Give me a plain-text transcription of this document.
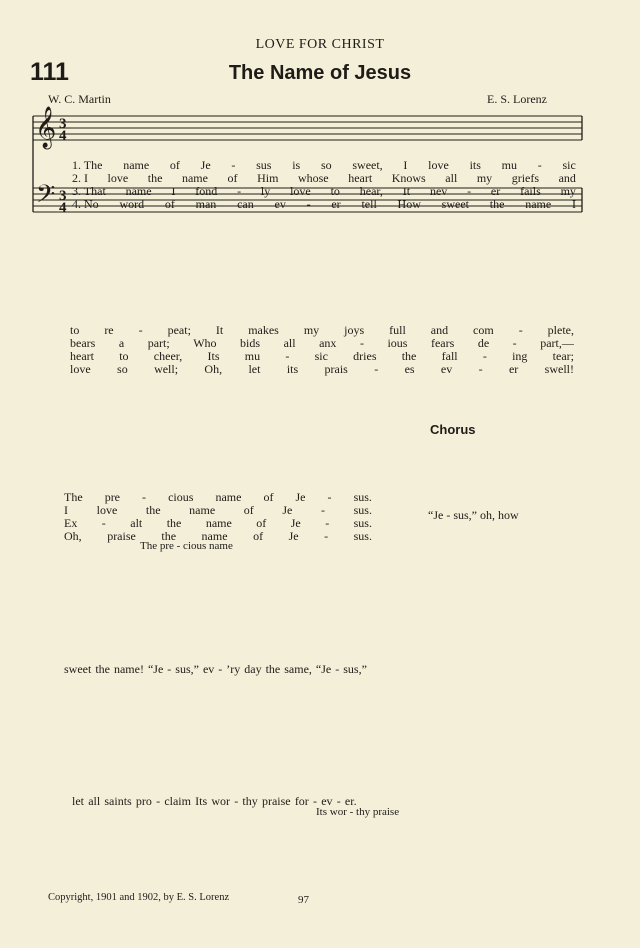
LOVE FOR CHRIST
111	The Name of Jesus
W. C. Martin	E. S. Lorenz
𝄞
𝄢
3
4
3
4
1. The name of Je - sus is so sweet, I love its mu - sic
2. I love the name of Him whose heart Knows all my griefs and
3. That name I fond - ly love to hear, It nev - er fails my
4. No word of man can ev - er tell How sweet the name I
to re - peat; It makes my joys full and com - plete,
bears a part; Who bids all anx - ious fears de - part,—
heart to cheer, Its mu - sic dries the fall - ing tear;
love so well; Oh, let its prais - es ev - er swell!
The pre - cious name of Je - sus.
I love the name of Je - sus.
Ex - alt the name of Je - sus.
Oh, praise the name of Je - sus.
Chorus
“Je - sus,” oh, how
sweet the name! “Je - sus,” ev - ’ry day the same, “Je - sus,”
let all saints pro - claim Its wor - thy praise for - ev - er.
The pre - cious name
Its wor - thy praise
Copyright, 1901 and 1902, by E. S. Lorenz	97
